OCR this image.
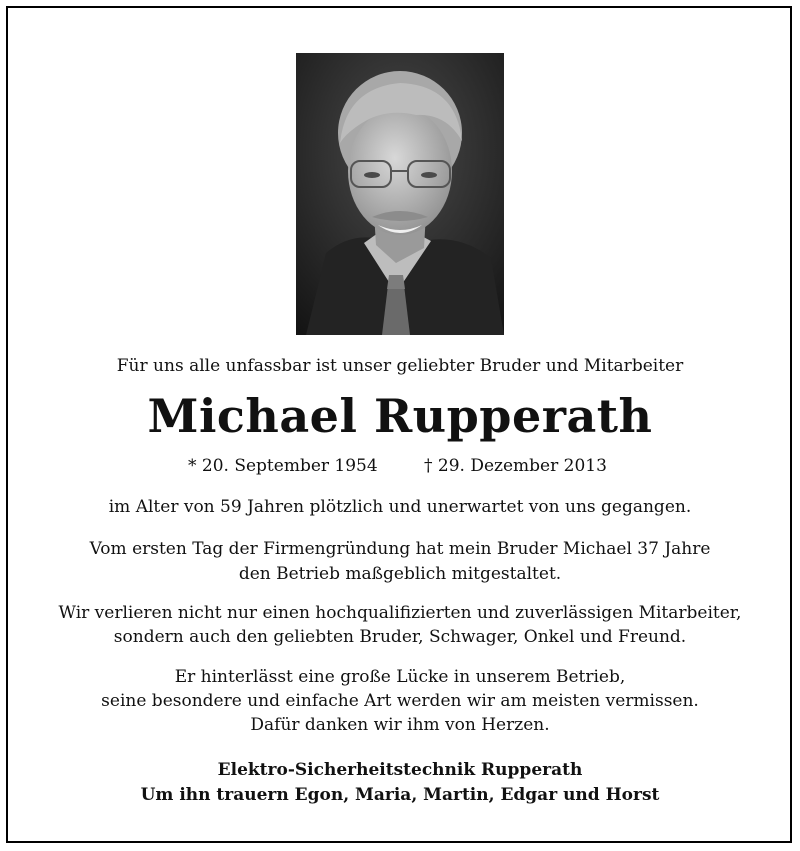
Für uns alle unfassbar ist unser geliebter Bruder und Mitarbeiter
Michael Rupperath
* 20. September 1954	† 29. Dezember 2013
im Alter von 59 Jahren plötzlich und unerwartet von uns gegangen.
Vom ersten Tag der Firmengründung hat mein Bruder Michael 37 Jahre
den Betrieb maßgeblich mitgestaltet.
Wir verlieren nicht nur einen hochqualifizierten und zuverlässigen Mitarbeiter,
sondern auch den geliebten Bruder, Schwager, Onkel und Freund.
Er hinterlässt eine große Lücke in unserem Betrieb,
seine besondere und einfache Art werden wir am meisten vermissen.
Dafür danken wir ihm von Herzen.
Elektro-Sicherheitstechnik Rupperath
Um ihn trauern Egon, Maria, Martin, Edgar und Horst
